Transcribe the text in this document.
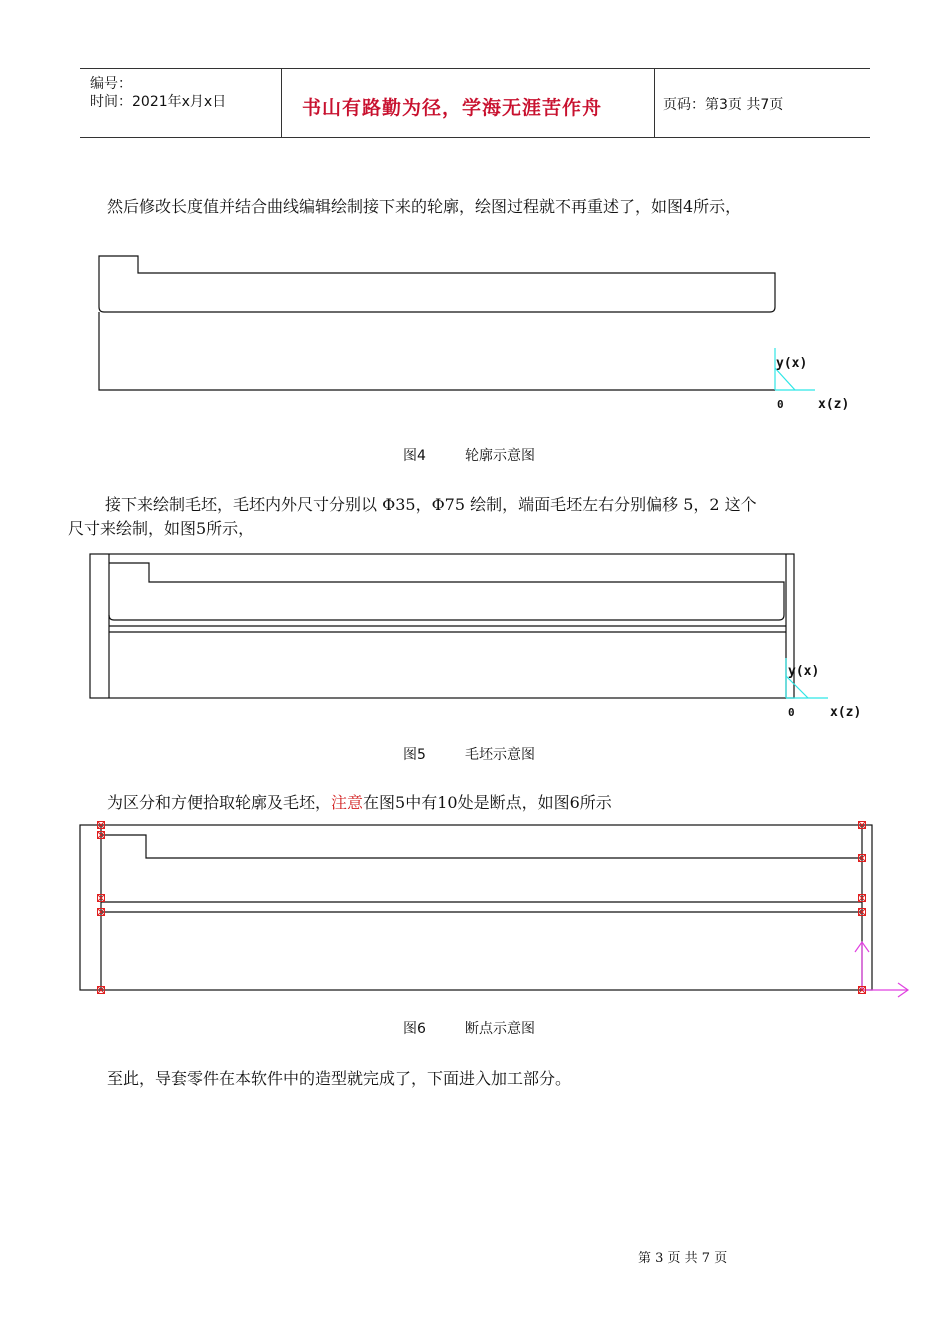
编号：
时间：2021年x月x日	书山有路勤为径，学海无涯苦作舟	页码：第3页 共7页
然后修改长度值并结合曲线编辑绘制接下来的轮廓，绘图过程就不再重述了，如图4所示，
y(x)
x(z)
0
图4	轮廓示意图
接下来绘制毛坯，毛坯内外尺寸分别以 Φ35，Φ75 绘制，端面毛坯左右分别偏移 5，2 这个
尺寸来绘制，如图5所示，
y(x)
x(z)
0
图5	毛坯示意图
为区分和方便拾取轮廓及毛坯，注意在图5中有10处是断点，如图6所示
图6	断点示意图
至此，导套零件在本软件中的造型就完成了，下面进入加工部分。
第 3 页 共 7 页
